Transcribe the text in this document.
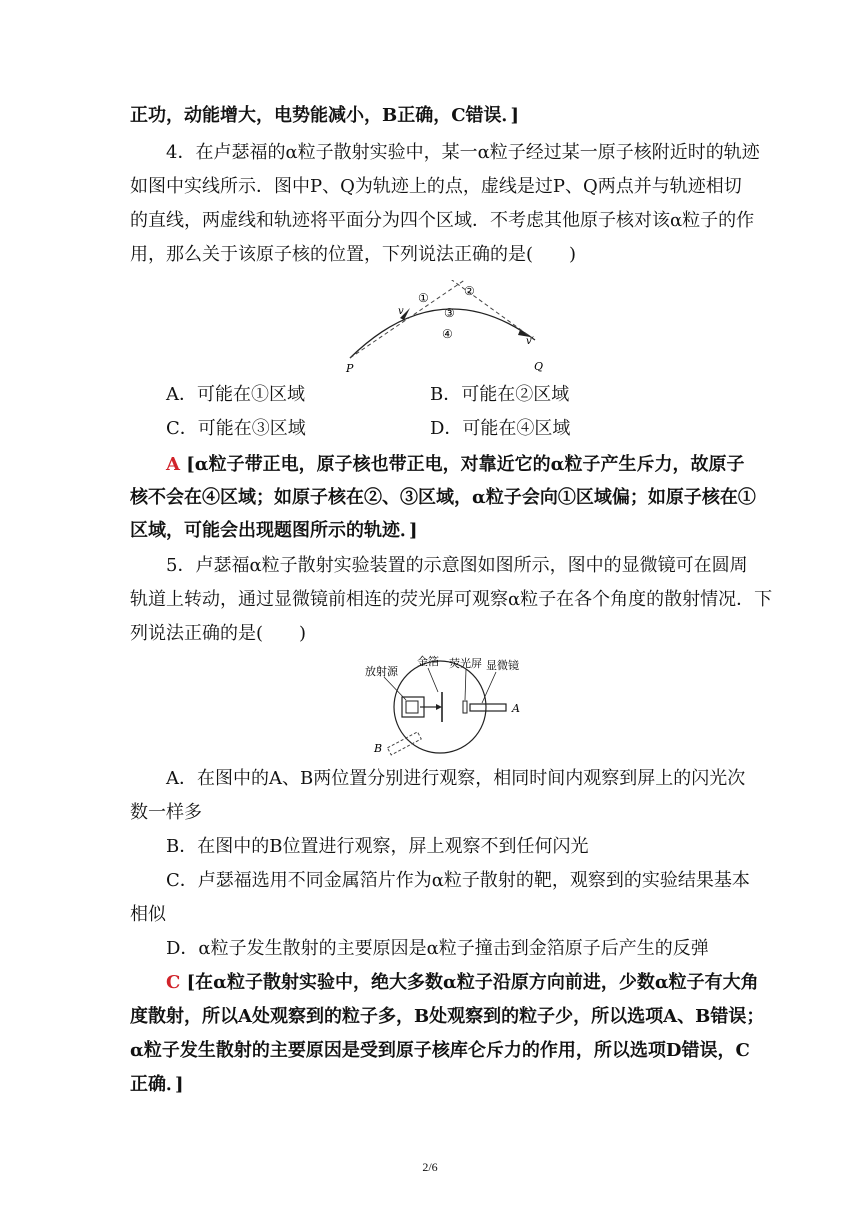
正功，动能增大，电势能减小，B正确，C错误．]
4．在卢瑟福的α粒子散射实验中，某一α粒子经过某一原子核附近时的轨迹
如图中实线所示．图中P、Q为轨迹上的点，虚线是过P、Q两点并与轨迹相切
的直线，两虚线和轨迹将平面分为四个区域．不考虑其他原子核对该α粒子的作
用，那么关于该原子核的位置，下列说法正确的是(　　)
①	②
③
④
v
v′
P	Q
A．可能在①区域	B．可能在②区域
C．可能在③区域	D．可能在④区域
A [α粒子带正电，原子核也带正电，对靠近它的α粒子产生斥力，故原子
核不会在④区域；如原子核在②、③区域，α粒子会向①区域偏；如原子核在①
区域，可能会出现题图所示的轨迹．]
5．卢瑟福α粒子散射实验装置的示意图如图所示，图中的显微镜可在圆周
轨道上转动，通过显微镜前相连的荧光屏可观察α粒子在各个角度的散射情况．下
列说法正确的是(　　)
放射源
金箔 荧光屏 显微镜
A
B
A．在图中的A、B两位置分别进行观察，相同时间内观察到屏上的闪光次
数一样多
B．在图中的B位置进行观察，屏上观察不到任何闪光
C．卢瑟福选用不同金属箔片作为α粒子散射的靶，观察到的实验结果基本
相似
D．α粒子发生散射的主要原因是α粒子撞击到金箔原子后产生的反弹
C [在α粒子散射实验中，绝大多数α粒子沿原方向前进，少数α粒子有大角
度散射，所以A处观察到的粒子多，B处观察到的粒子少，所以选项A、B错误；
α粒子发生散射的主要原因是受到原子核库仑斥力的作用，所以选项D错误，C
正确．]
2/6
